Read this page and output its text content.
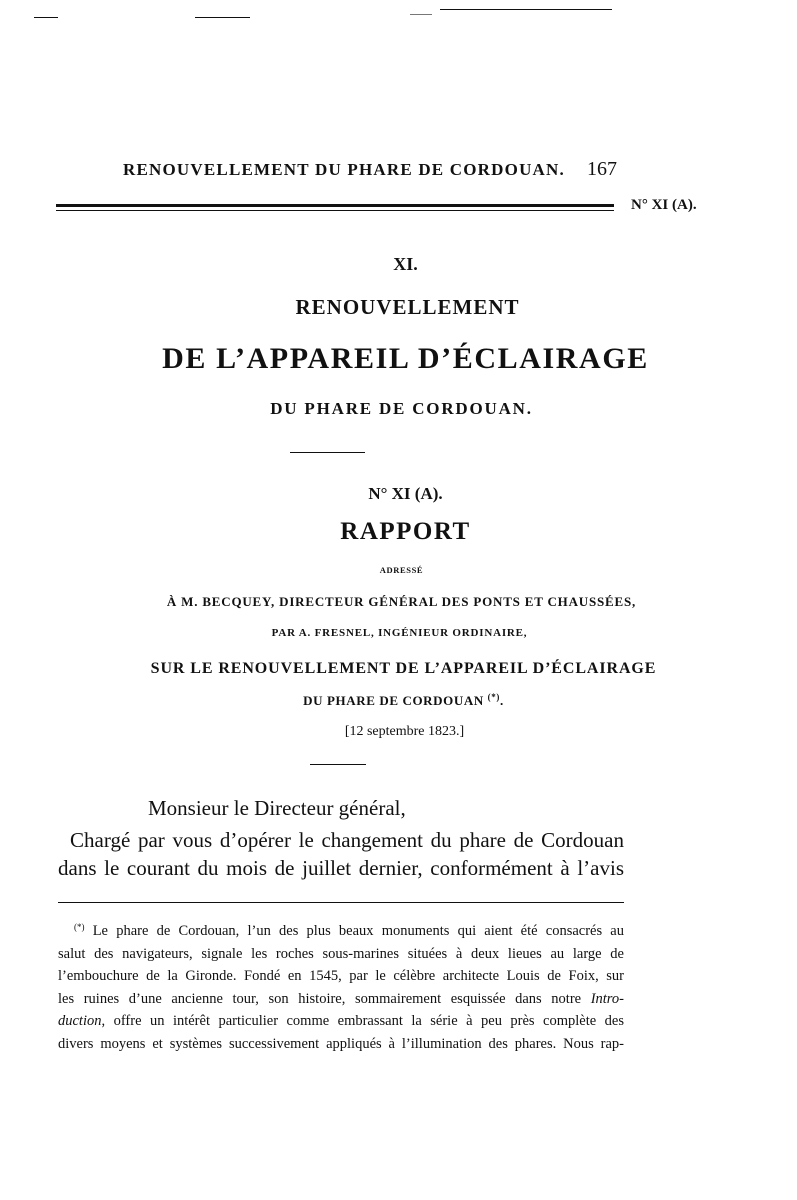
RENOUVELLEMENT DU PHARE DE CORDOUAN. 167
N° XI (A).
XI.
RENOUVELLEMENT
DE L’APPAREIL D’ÉCLAIRAGE
DU PHARE DE CORDOUAN.
N° XI (A).
RAPPORT
ADRESSÉ
À M. BECQUEY, DIRECTEUR GÉNÉRAL DES PONTS ET CHAUSSÉES,
PAR A. FRESNEL, INGÉNIEUR ORDINAIRE,
SUR LE RENOUVELLEMENT DE L’APPAREIL D’ÉCLAIRAGE
DU PHARE DE CORDOUAN (*).
[12 septembre 1823.]
Monsieur le Directeur général,
Chargé par vous d’opérer le changement du phare de Cordouan
dans le courant du mois de juillet dernier, conformément à l’avis
(*) Le phare de Cordouan, l’un des plus beaux monuments qui aient été consacrés au
salut des navigateurs, signale les roches sous-marines situées à deux lieues au large de
l’embouchure de la Gironde. Fondé en 1545, par le célèbre architecte Louis de Foix, sur
les ruines d’une ancienne tour, son histoire, sommairement esquissée dans notre Intro-
duction, offre un intérêt particulier comme embrassant la série à peu près complète des
divers moyens et systèmes successivement appliqués à l’illumination des phares. Nous rap-
